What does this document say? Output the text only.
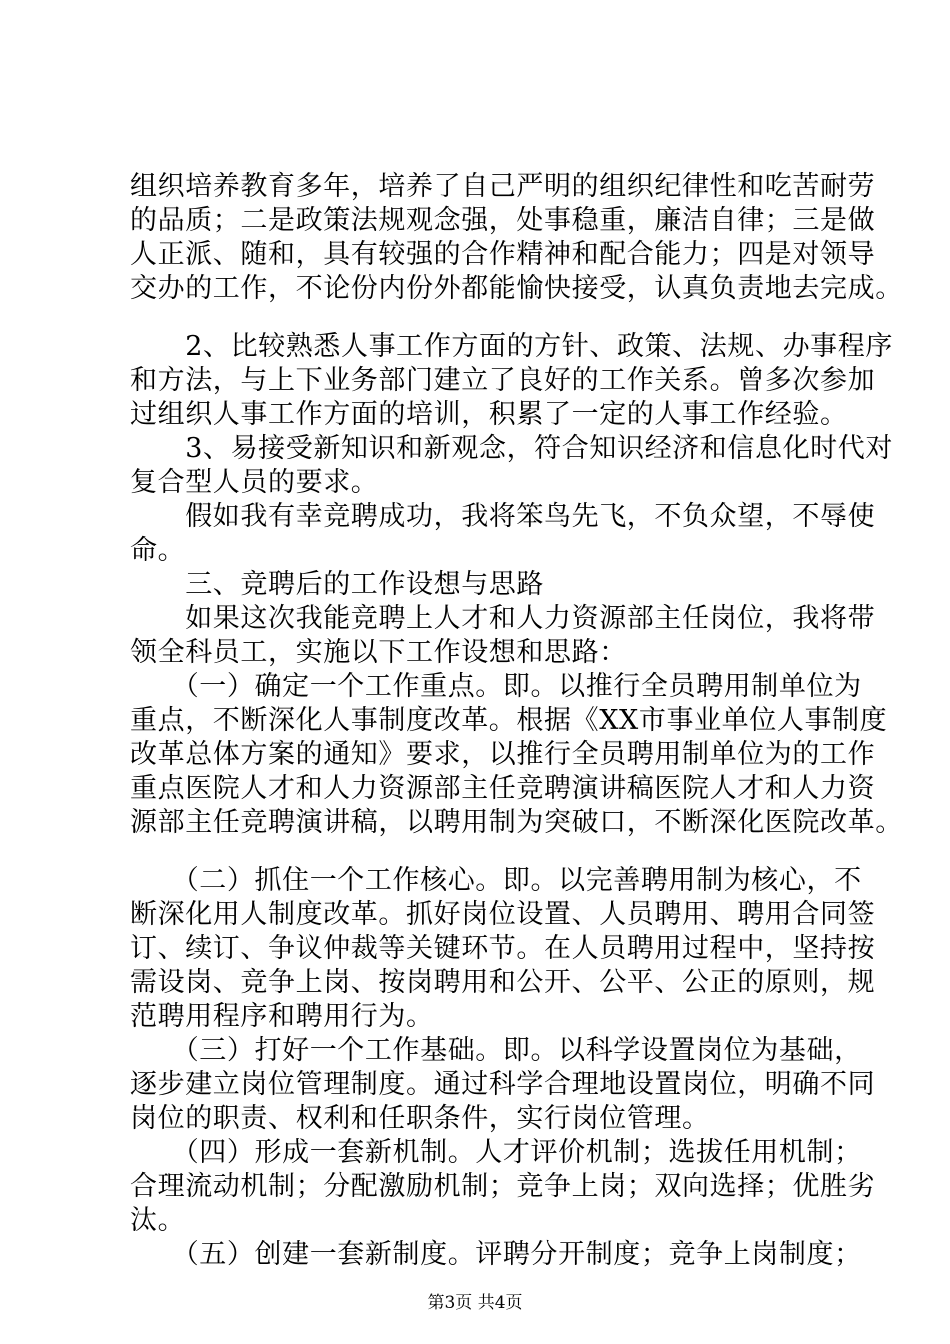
组织培养教育多年，培养了自己严明的组织纪律性和吃苦耐劳
的品质；二是政策法规观念强，处事稳重，廉洁自律；三是做
人正派、随和，具有较强的合作精神和配合能力；四是对领导
交办的工作，不论份内份外都能愉快接受，认真负责地去完成。
　　2、比较熟悉人事工作方面的方针、政策、法规、办事程序
和方法，与上下业务部门建立了良好的工作关系。曾多次参加
过组织人事工作方面的培训，积累了一定的人事工作经验。
　　3、易接受新知识和新观念，符合知识经济和信息化时代对
复合型人员的要求。
　　假如我有幸竞聘成功，我将笨鸟先飞，不负众望，不辱使
命。
　　三、竞聘后的工作设想与思路
　　如果这次我能竞聘上人才和人力资源部主任岗位，我将带
领全科员工，实施以下工作设想和思路：
　　（一）确定一个工作重点。即。以推行全员聘用制单位为
重点，不断深化人事制度改革。根据《XX市事业单位人事制度
改革总体方案的通知》要求，以推行全员聘用制单位为的工作
重点医院人才和人力资源部主任竞聘演讲稿医院人才和人力资
源部主任竞聘演讲稿，以聘用制为突破口，不断深化医院改革。
　　（二）抓住一个工作核心。即。以完善聘用制为核心，不
断深化用人制度改革。抓好岗位设置、人员聘用、聘用合同签
订、续订、争议仲裁等关键环节。在人员聘用过程中，坚持按
需设岗、竞争上岗、按岗聘用和公开、公平、公正的原则，规
范聘用程序和聘用行为。
　　（三）打好一个工作基础。即。以科学设置岗位为基础，
逐步建立岗位管理制度。通过科学合理地设置岗位，明确不同
岗位的职责、权利和任职条件，实行岗位管理。
　　（四）形成一套新机制。人才评价机制；选拔任用机制；
合理流动机制；分配激励机制；竞争上岗；双向选择；优胜劣
汰。
　　（五）创建一套新制度。评聘分开制度；竞争上岗制度；
第3页 共4页
